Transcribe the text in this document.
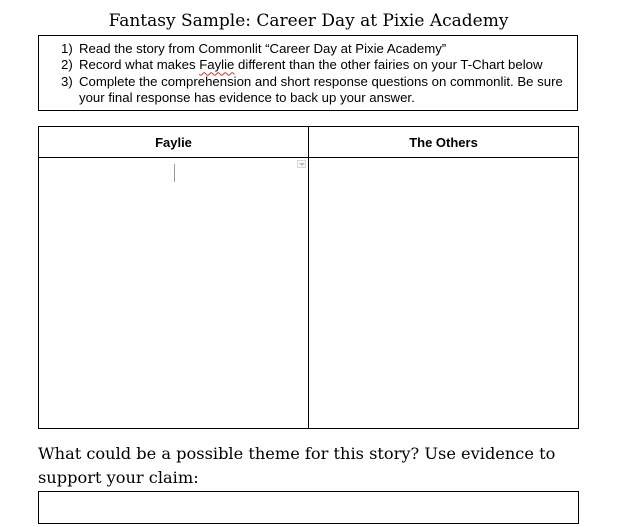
Fantasy Sample: Career Day at Pixie Academy
1) Read the story from Commonlit “Career Day at Pixie Academy”
2) Record what makes Faylie different than the other fairies on your T-Chart below
3) Complete the comprehension and short response questions on commonlit. Be sure your final response has evidence to back up your answer.
Faylie	The Others
What could be a possible theme for this story? Use evidence to support your claim:
